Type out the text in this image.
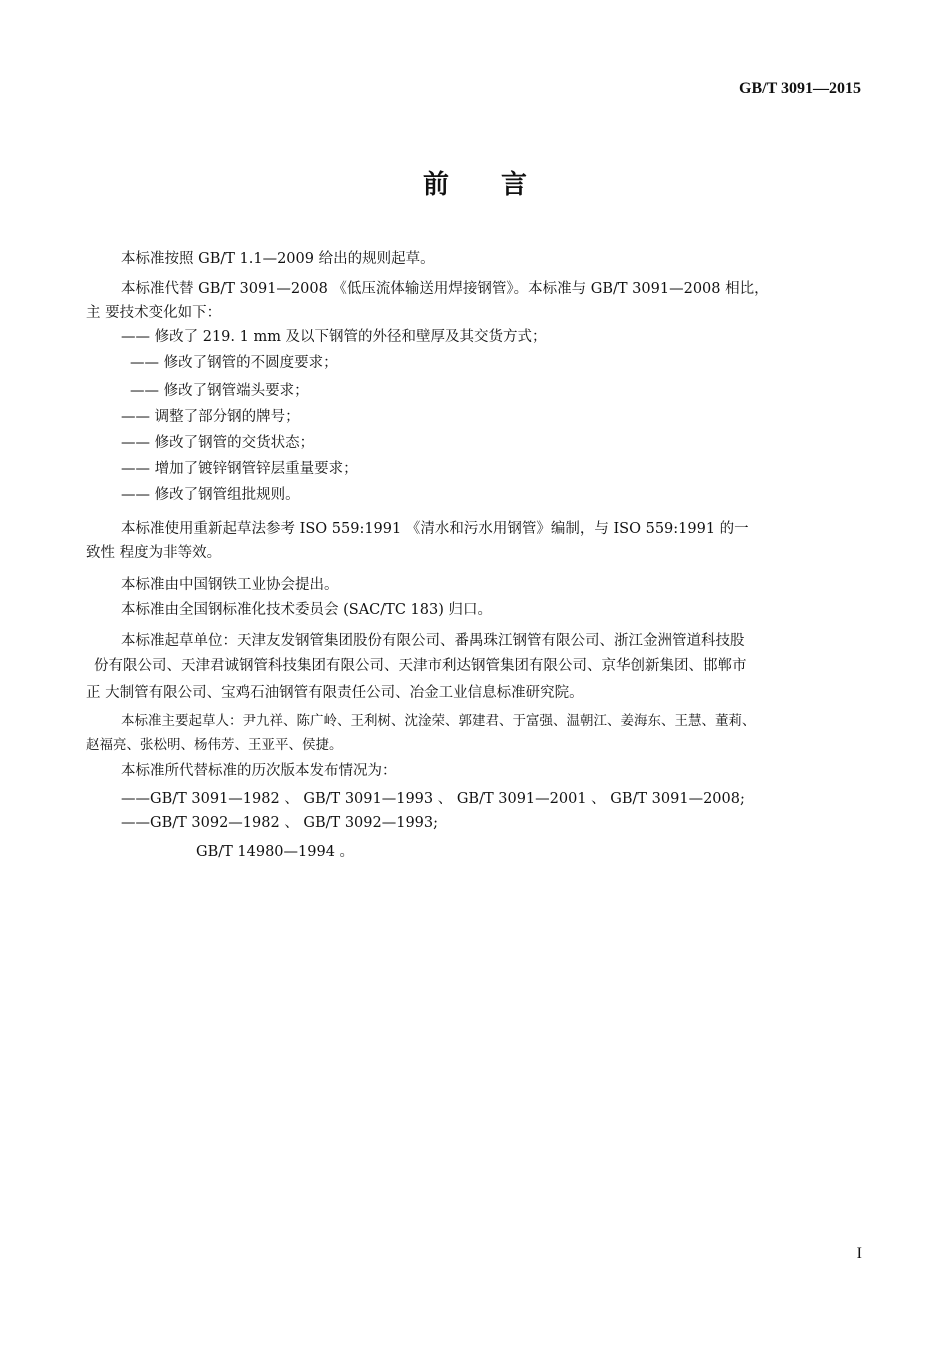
GB/T 3091—2015
前 言
本标准按照 GB/T 1.1—2009 给出的规则起草。
本标准代替 GB/T 3091—2008 《低压流体输送用焊接钢管》。本标准与 GB/T 3091—2008 相比，
主 要技术变化如下：
—— 修改了 219. 1 mm 及以下钢管的外径和壁厚及其交货方式；
—— 修改了钢管的不圆度要求；
—— 修改了钢管端头要求；
—— 调整了部分钢的牌号；
—— 修改了钢管的交货状态；
—— 增加了镀锌钢管锌层重量要求；
—— 修改了钢管组批规则。
本标准使用重新起草法参考 ISO 559:1991 《清水和污水用钢管》编制，与 ISO 559:1991 的一
致性 程度为非等效。
本标准由中国钢铁工业协会提出。
本标准由全国钢标准化技术委员会 (SAC/TC 183) 归口。
本标准起草单位：天津友发钢管集团股份有限公司、番禺珠江钢管有限公司、浙江金洲管道科技股
份有限公司、天津君诚钢管科技集团有限公司、天津市利达钢管集团有限公司、京华创新集团、邯郸市
正 大制管有限公司、宝鸡石油钢管有限责任公司、冶金工业信息标准研究院。
本标准主要起草人：尹九祥、陈广岭、王利树、沈淦荣、郭建君、于富强、温朝江、姜海东、王慧、董莉、
赵福亮、张松明、杨伟芳、王亚平、侯捷。
本标准所代替标准的历次版本发布情况为：
——GB/T 3091—1982 、 GB/T 3091—1993 、 GB/T 3091—2001 、 GB/T 3091—2008;
——GB/T 3092—1982 、 GB/T 3092—1993;
GB/T 14980—1994 。
I
